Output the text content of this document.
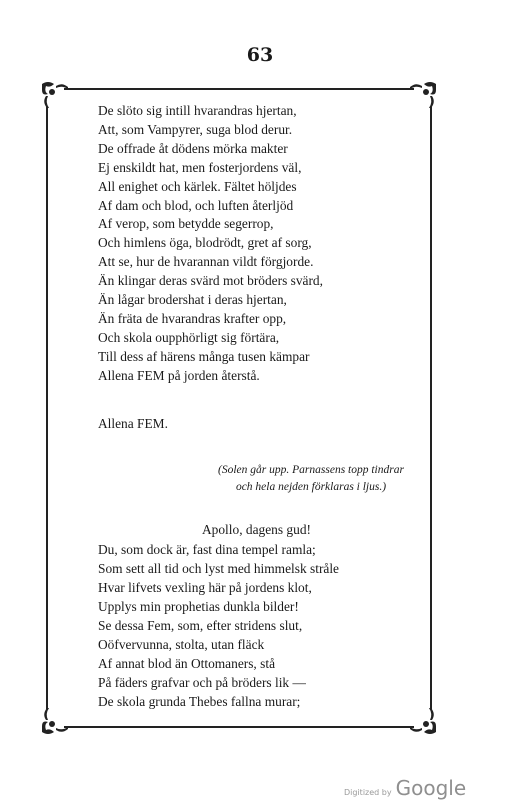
63
De slöto sig intill hvarandras hjertan,
Att, som Vampyrer, suga blod derur.
De offrade åt dödens mörka makter
Ej enskildt hat, men fosterjordens väl,
All enighet och kärlek. Fältet höljdes
Af dam och blod, och luften återljöd
Af verop, som betydde segerrop,
Och himlens öga, blodrödt, gret af sorg,
Att se, hur de hvarannan vildt förgjorde.
Än klingar deras svärd mot bröders svärd,
Än lågar brodershat i deras hjertan,
Än fräta de hvarandras krafter opp,
Och skola oupphörligt sig förtära,
Till dess af härens många tusen kämpar
Allena FEM på jorden återstå.
Allena FEM.
(Solen går upp. Parnassens topp tindrar
och hela nejden förklaras i ljus.)
Apollo, dagens gud!
Du, som dock är, fast dina tempel ramla;
Som sett all tid och lyst med himmelsk stråle
Hvar lifvets vexling här på jordens klot,
Upplys min prophetias dunkla bilder!
Se dessa Fem, som, efter stridens slut,
Oöfvervunna, stolta, utan fläck
Af annat blod än Ottomaners, stå
På fäders grafvar och på bröders lik —
De skola grunda Thebes fallna murar;
Digitized by Google
